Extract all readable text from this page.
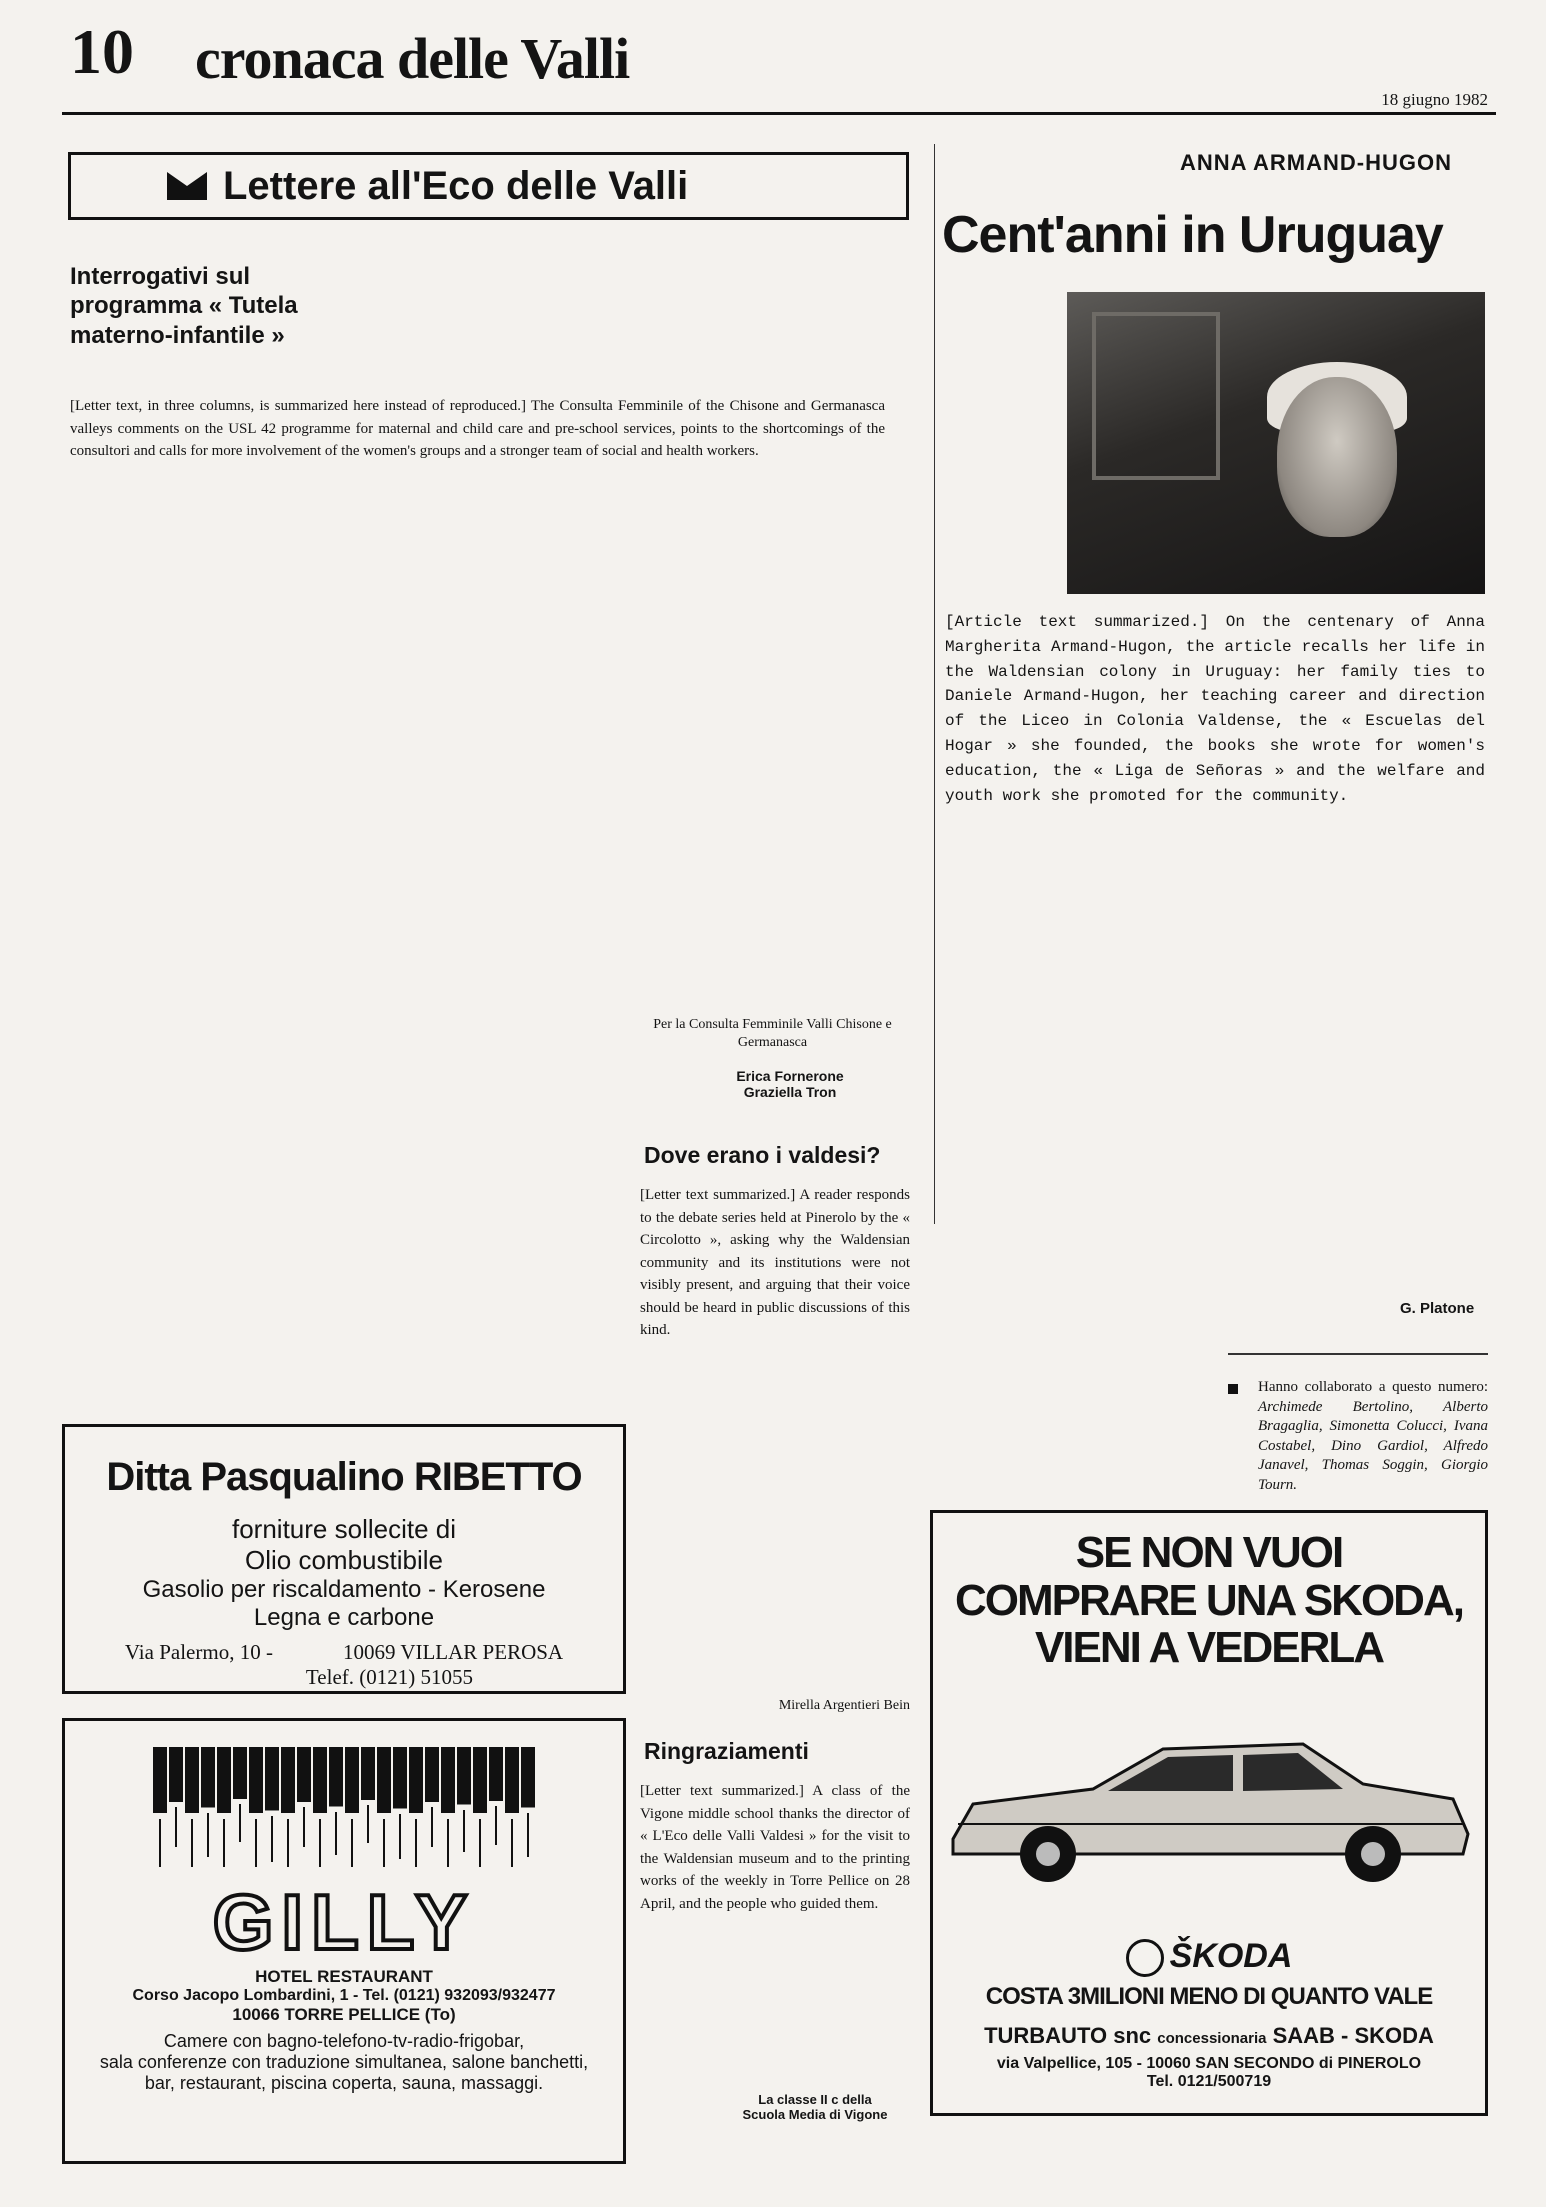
10 cronaca delle Valli
18 giugno 1982
Lettere all'Eco delle Valli
Interrogativi sul programma « Tutela materno-infantile »
[Letter text, in three columns, is summarized here instead of reproduced.] The Consulta Femminile of the Chisone and Germanasca valleys comments on the USL 42 programme for maternal and child care and pre-school services, points to the shortcomings of the consultori and calls for more involvement of the women's groups and a stronger team of social and health workers.
Per la Consulta Femminile Valli Chisone e Germanasca
Erica Fornerone
Graziella Tron
Dove erano i valdesi?
[Letter text summarized.] A reader responds to the debate series held at Pinerolo by the « Circolotto », asking why the Waldensian community and its institutions were not visibly present, and arguing that their voice should be heard in public discussions of this kind.
Mirella Argentieri Bein
Ringraziamenti
[Letter text summarized.] A class of the Vigone middle school thanks the director of « L'Eco delle Valli Valdesi » for the visit to the Waldensian museum and to the printing works of the weekly in Torre Pellice on 28 April, and the people who guided them.
La classe II c della
Scuola Media di Vigone
ANNA ARMAND-HUGON
Cent'anni in Uruguay
[Article text summarized.] On the centenary of Anna Margherita Armand-Hugon, the article recalls her life in the Waldensian colony in Uruguay: her family ties to Daniele Armand-Hugon, her teaching career and direction of the Liceo in Colonia Valdense, the « Escuelas del Hogar » she founded, the books she wrote for women's education, the « Liga de Señoras » and the welfare and youth work she promoted for the community.
G. Platone
Hanno collaborato a questo numero: Archimede Bertolino, Alberto Bragaglia, Simonetta Colucci, Ivana Costabel, Dino Gardiol, Alfredo Janavel, Thomas Soggin, Giorgio Tourn.
Ditta Pasqualino RIBETTO
forniture sollecite di
Olio combustibile
Gasolio per riscaldamento - Kerosene
Legna e carbone
Via Palermo, 10 -	10069 VILLAR PEROSA
Telef. (0121) 51055
GILLY
HOTEL RESTAURANT
Corso Jacopo Lombardini, 1 - Tel. (0121) 932093/932477
10066 TORRE PELLICE (To)
Camere con bagno-telefono-tv-radio-frigobar,
sala conferenze con traduzione simultanea, salone banchetti,
bar, restaurant, piscina coperta, sauna, massaggi.
SE NON VUOI
COMPRARE UNA SKODA,
VIENI A VEDERLA
ŠKODA
COSTA 3MILIONI MENO DI QUANTO VALE
TURBAUTO snc concessionaria SAAB - SKODA
via Valpellice, 105 - 10060 SAN SECONDO di PINEROLO
Tel. 0121/500719
